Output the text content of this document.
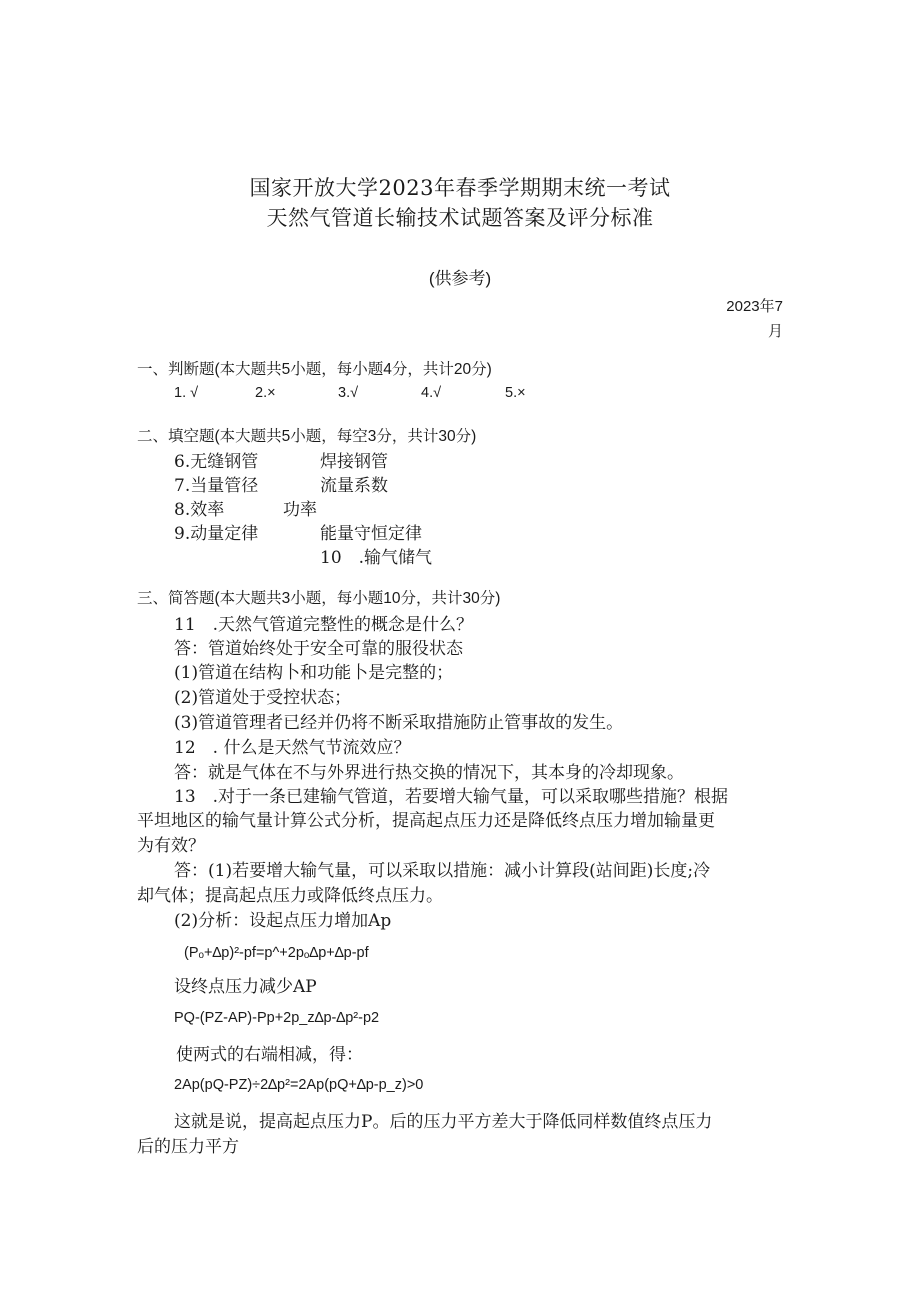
国家开放大学2023年春季学期期末统一考试
天然气管道长输技术试题答案及评分标准
(供参考)
2023年7
月
一、判断题(本大题共5小题，每小题4分，共计20分)
1. √	2.×	3.√	4.√	5.×
二、填空题(本大题共5小题，每空3分，共计30分)
6.无缝钢管	焊接钢管
7.当量管径	流量系数
8.效率	功率
9.动量定律	能量守恒定律
10　.输气储气
三、简答题(本大题共3小题，每小题10分，共计30分)
11　.天然气管道完整性的概念是什么？
答：管道始终处于安全可靠的服役状态
(1)管道在结构卜和功能卜是完整的；
(2)管道处于受控状态；
(3)管道管理者已经并仍将不断采取措施防止管事故的发生。
12　. 什么是天然气节流效应？
答：就是气体在不与外界进行热交换的情况下，其本身的冷却现象。
13　.对于一条已建输气管道，若要增大输气量，可以采取哪些措施？根据
平坦地区的输气量计算公式分析，提高起点压力还是降低终点压力增加输量更
为有效？
答：(1)若要增大输气量，可以采取以措施：减小计算段(站间距)长度;冷
却气体；提高起点压力或降低终点压力。
(2)分析：设起点压力增加Ap
(Pₒ+∆p)²-pf=p^+2pₒ∆p+∆p-pf
设终点压力减少AP
PQ-(PZ-AP)-Pp+2p_z∆p-∆p²-p2
使两式的右端相减，得：
2Ap(pQ-PZ)÷2∆p²=2Ap(pQ+∆p-p_z)>0
这就是说，提高起点压力P。后的压力平方差大于降低同样数值终点压力
后的压力平方
